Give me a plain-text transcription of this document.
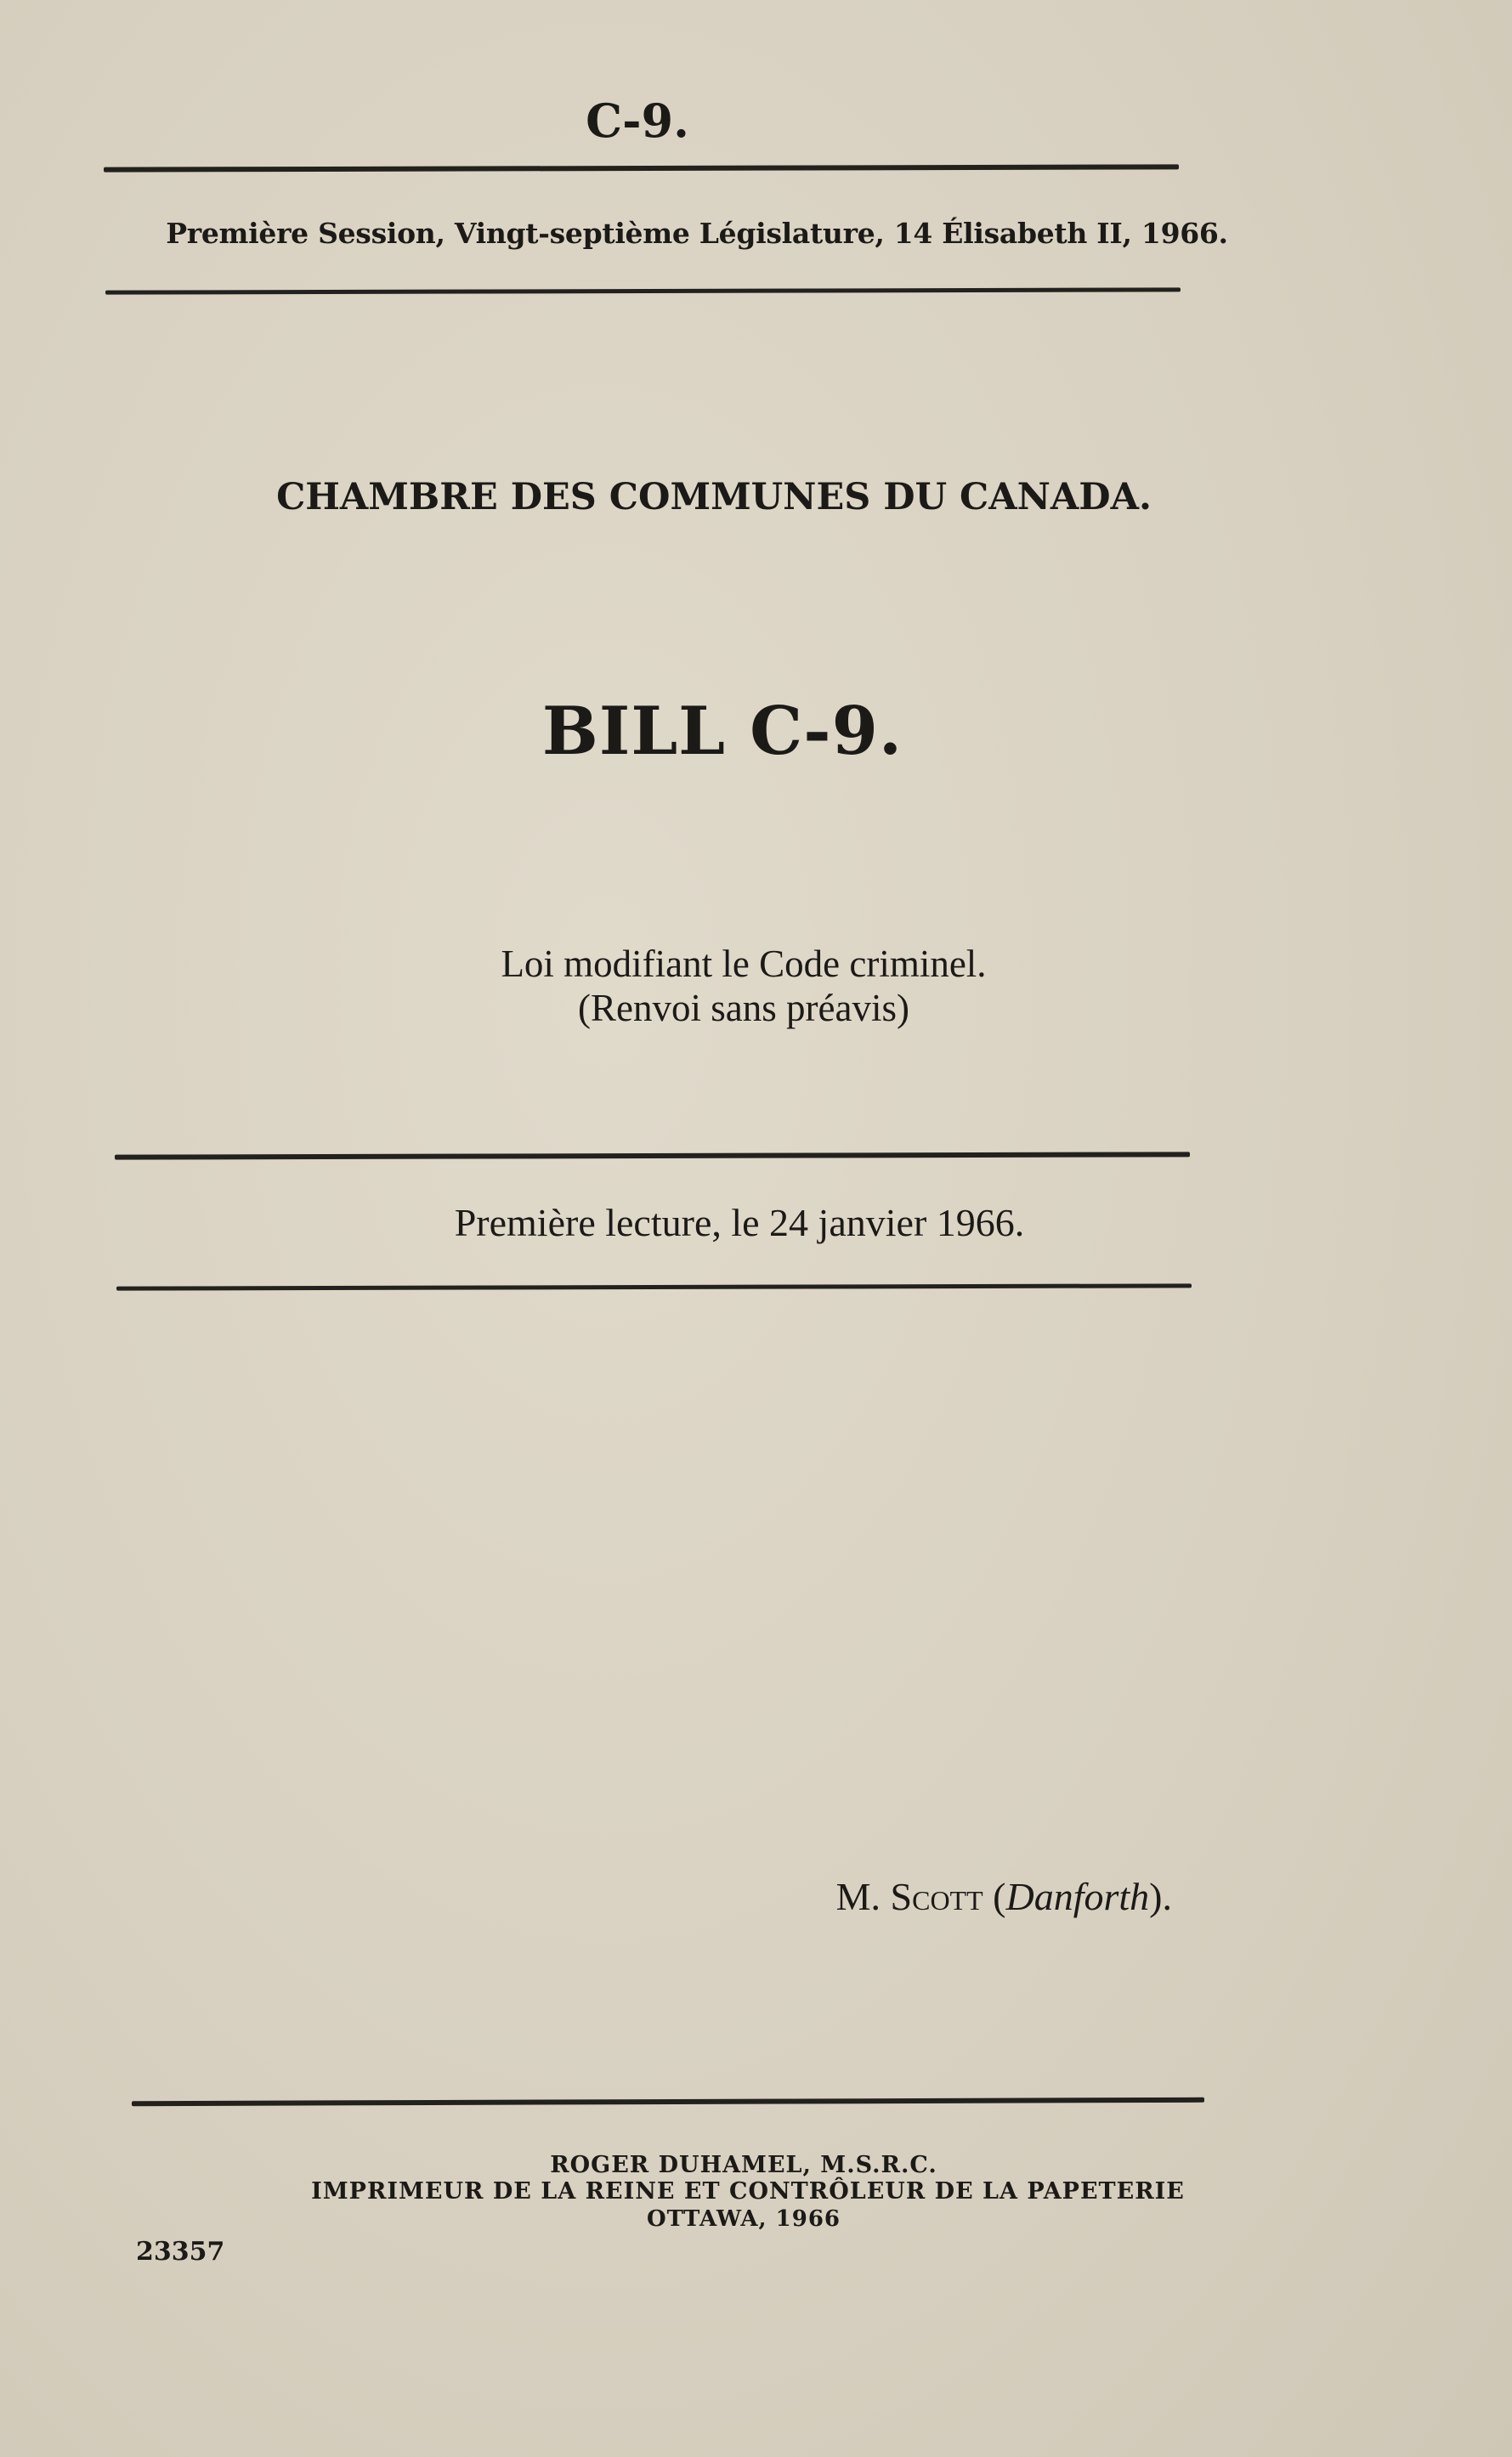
C-9.
Première Session, Vingt-septième Législature, 14 Élisabeth II, 1966.
CHAMBRE DES COMMUNES DU CANADA.
BILL C-9.
Loi modifiant le Code criminel.
(Renvoi sans préavis)
Première lecture, le 24 janvier 1966.
M. Scott (Danforth).
ROGER DUHAMEL, M.S.R.C.
IMPRIMEUR DE LA REINE ET CONTRÔLEUR DE LA PAPETERIE
OTTAWA, 1966
23357
